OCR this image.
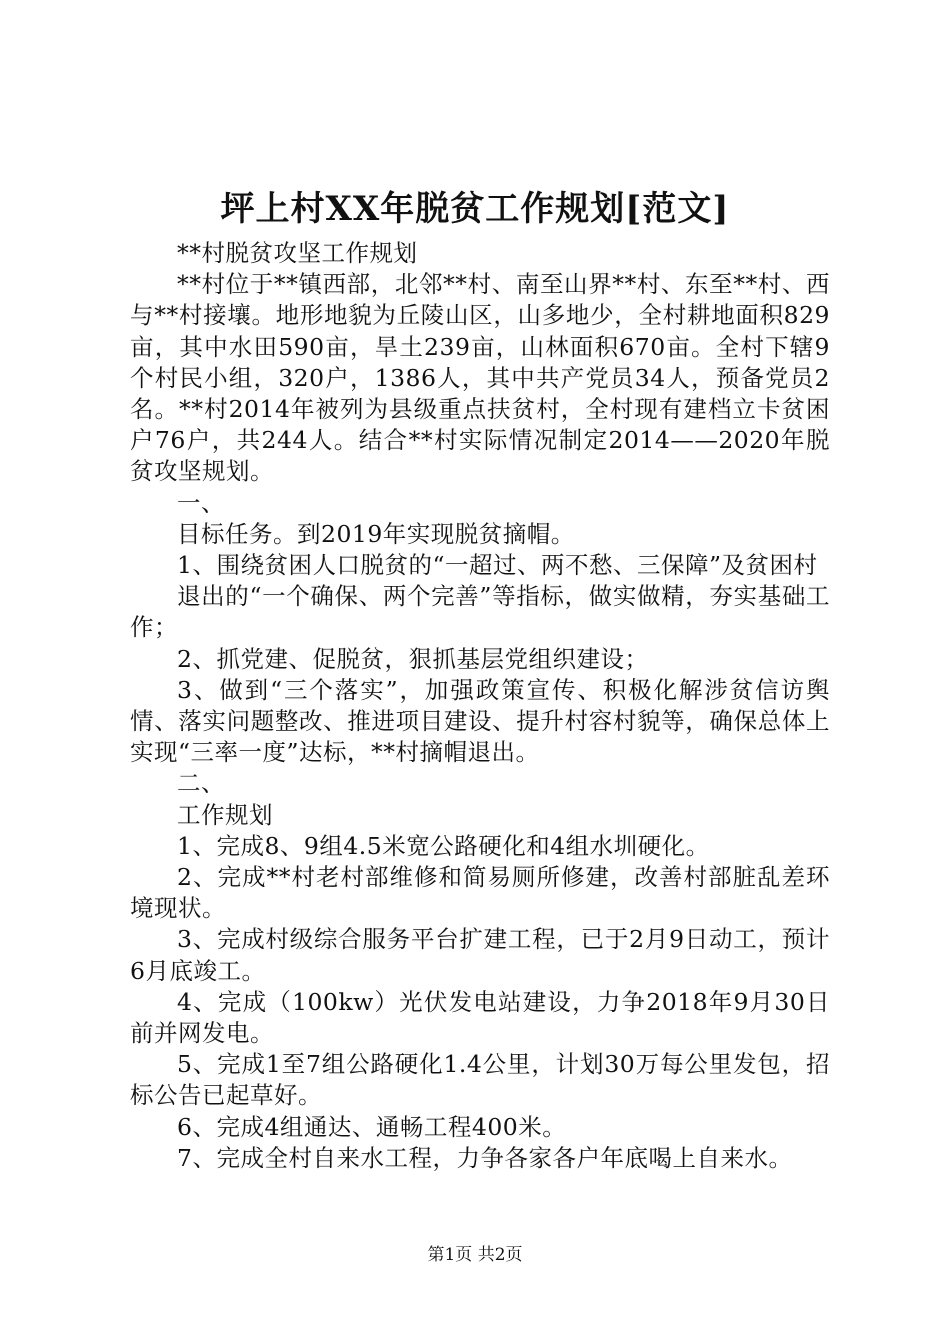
坪上村XX年脱贫工作规划[范文]

**村脱贫攻坚工作规划

**村位于**镇西部，北邻**村、南至山界**村、东至**村、西与**村接壤。地形地貌为丘陵山区，山多地少，全村耕地面积829亩，其中水田590亩，旱土239亩，山林面积670亩。全村下辖9个村民小组，320户，1386人，其中共产党员34人，预备党员2名。**村2014年被列为县级重点扶贫村，全村现有建档立卡贫困户76户，共244人。结合**村实际情况制定2014——2020年脱贫攻坚规划。

一、

目标任务。到2019年实现脱贫摘帽。

1、围绕贫困人口脱贫的“一超过、两不愁、三保障”及贫困村

退出的“一个确保、两个完善”等指标，做实做精，夯实基础工作；

2、抓党建、促脱贫，狠抓基层党组织建设；

3、做到“三个落实”，加强政策宣传、积极化解涉贫信访舆情、落实问题整改、推进项目建设、提升村容村貌等，确保总体上实现“三率一度”达标，**村摘帽退出。

二、

工作规划

1、完成8、9组4.5米宽公路硬化和4组水圳硬化。

2、完成**村老村部维修和简易厕所修建，改善村部脏乱差环境现状。

3、完成村级综合服务平台扩建工程，已于2月9日动工，预计6月底竣工。

4、完成（100kw）光伏发电站建设，力争2018年9月30日前并网发电。

5、完成1至7组公路硬化1.4公里，计划30万每公里发包，招标公告已起草好。

6、完成4组通达、通畅工程400米。

7、完成全村自来水工程，力争各家各户年底喝上自来水。

第1页 共2页
